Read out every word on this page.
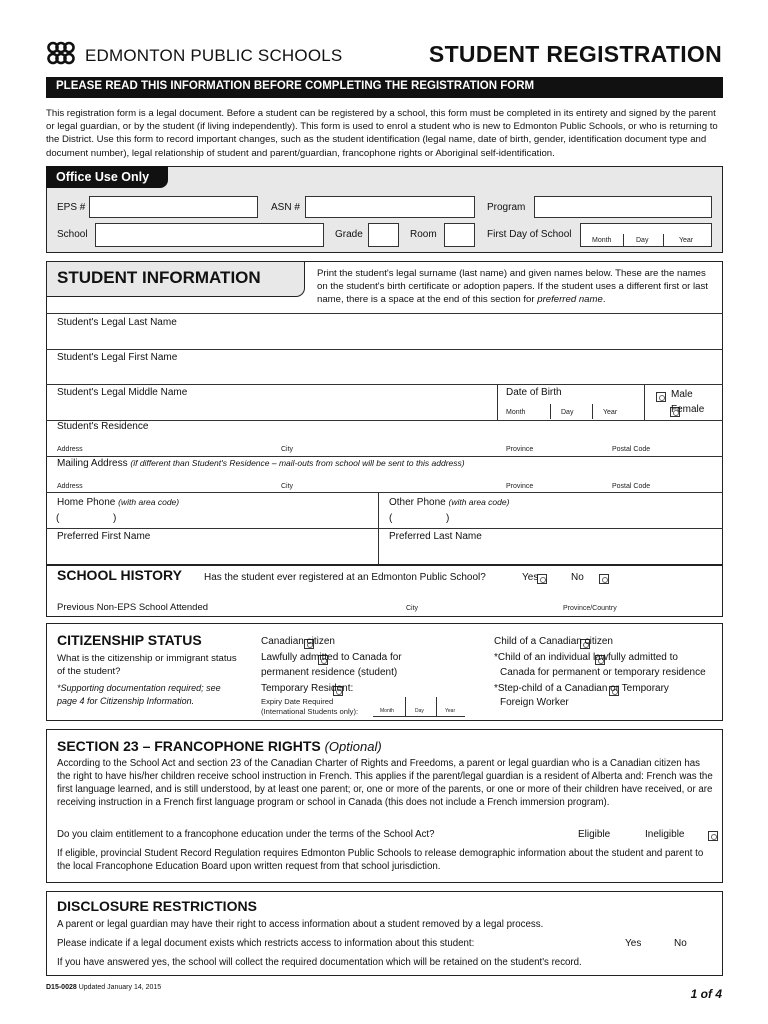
EDMONTON PUBLIC SCHOOLS	STUDENT REGISTRATION
PLEASE READ THIS INFORMATION BEFORE COMPLETING THE REGISTRATION FORM
This registration form is a legal document. Before a student can be registered by a school, this form must be completed in its entirety and signed by the parent or legal guardian, or by the student (if living independently). This form is used to enrol a student who is new to Edmonton Public Schools, or who is returning to the District. Use this form to record important changes, such as the student identification (legal name, date of birth, gender, identification document type and document number), legal relationship of student and parent/guardian, francophone rights or Aboriginal self-identification.
Office Use Only
EPS #	ASN #	Program
School	Grade	Room	First Day of School
Month	Day	Year
STUDENT INFORMATION	Print the student's legal surname (last name) and given names below. These are the names on the student's birth certificate or adoption papers. If the student uses a different first or last name, there is a space at the end of this section for preferred name.
Student's Legal Last Name
Student's Legal First Name
Student's Legal Middle Name	Date of Birth
Month	Day	Year

Male

Female
Student's Residence
Address	City	Province	Postal Code
Mailing Address (if different than Student's Residence – mail-outs from school will be sent to this address)
Address	City	Province	Postal Code
Home Phone (with area code)
(	)
Other Phone (with area code)
(	)
Preferred First Name	Preferred Last Name
SCHOOL HISTORY Has the student ever registered at an Edmonton Public School?
	Yes
	No
Previous Non-EPS School Attended	City	Province/Country
CITIZENSHIP STATUS
What is the citizenship or immigrant status of the student?
*Supporting documentation required; see page 4 for Citizenship Information.

Canadian citizen

Lawfully admitted to Canada for
permanent residence (student)

Temporary Resident:
Expiry Date Required
(International Students only):	Month	Day	Year

Child of a Canadian citizen

*Child of an individual lawfully admitted to
Canada for permanent or temporary residence

*Step-child of a Canadian or Temporary
Foreign Worker
SECTION 23 – FRANCOPHONE RIGHTS (Optional)
According to the School Act and section 23 of the Canadian Charter of Rights and Freedoms, a parent or legal guardian who is a Canadian citizen has the right to have his/her children receive school instruction in French. This applies if the parent/legal guardian is a resident of Alberta and: French was the first language learned, and is still understood, by at least one parent; or, one or more of the parents, or one or more of their children have received, or are receiving instruction in a French first language program or school in Canada (this does not include a French immersion program).
Do you claim entitlement to a francophone education under the terms of the School Act?
	Eligible
	Ineligible
If eligible, provincial Student Record Regulation requires Edmonton Public Schools to release demographic information about the student and parent to the local Francophone Education Board upon written request from that school jurisdiction.
DISCLOSURE RESTRICTIONS
A parent or legal guardian may have their right to access information about a student removed by a legal process.
Please indicate if a legal document exists which restricts access to information about this student:
	Yes	No
If you have answered yes, the school will collect the required documentation which will be retained on the student's record.
D15-0028 Updated January 14, 2015	1 of 4
